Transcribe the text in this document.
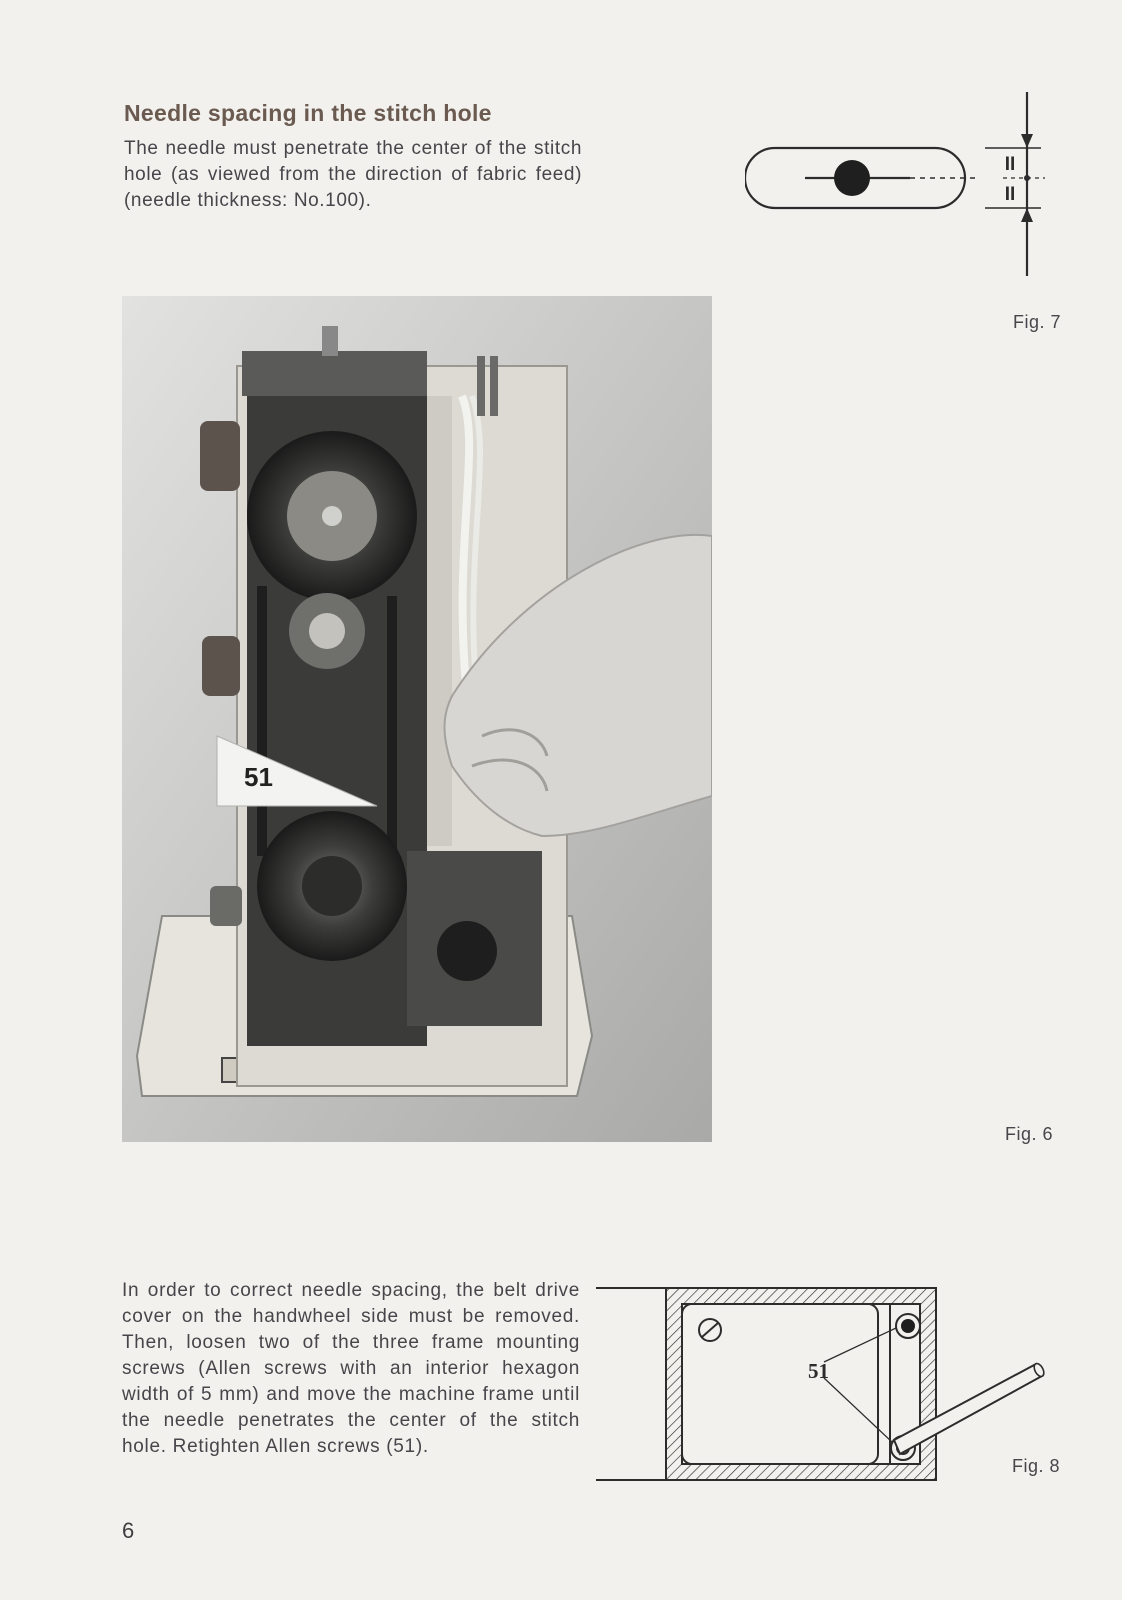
Needle spacing in the stitch hole
The needle must penetrate the center of the stitch hole (as viewed from the direction of fabric feed) (needle thickness: No.100).
II
II
Fig. 7
51
Fig. 6
In order to correct needle spacing, the belt drive cover on the handwheel side must be removed. Then, loosen two of the three frame mounting screws (Allen screws with an interior hexagon width of 5 mm) and move the machine frame until the needle penetrates the center of the stitch hole. Retighten Allen screws (51).
51
Fig. 8
6
